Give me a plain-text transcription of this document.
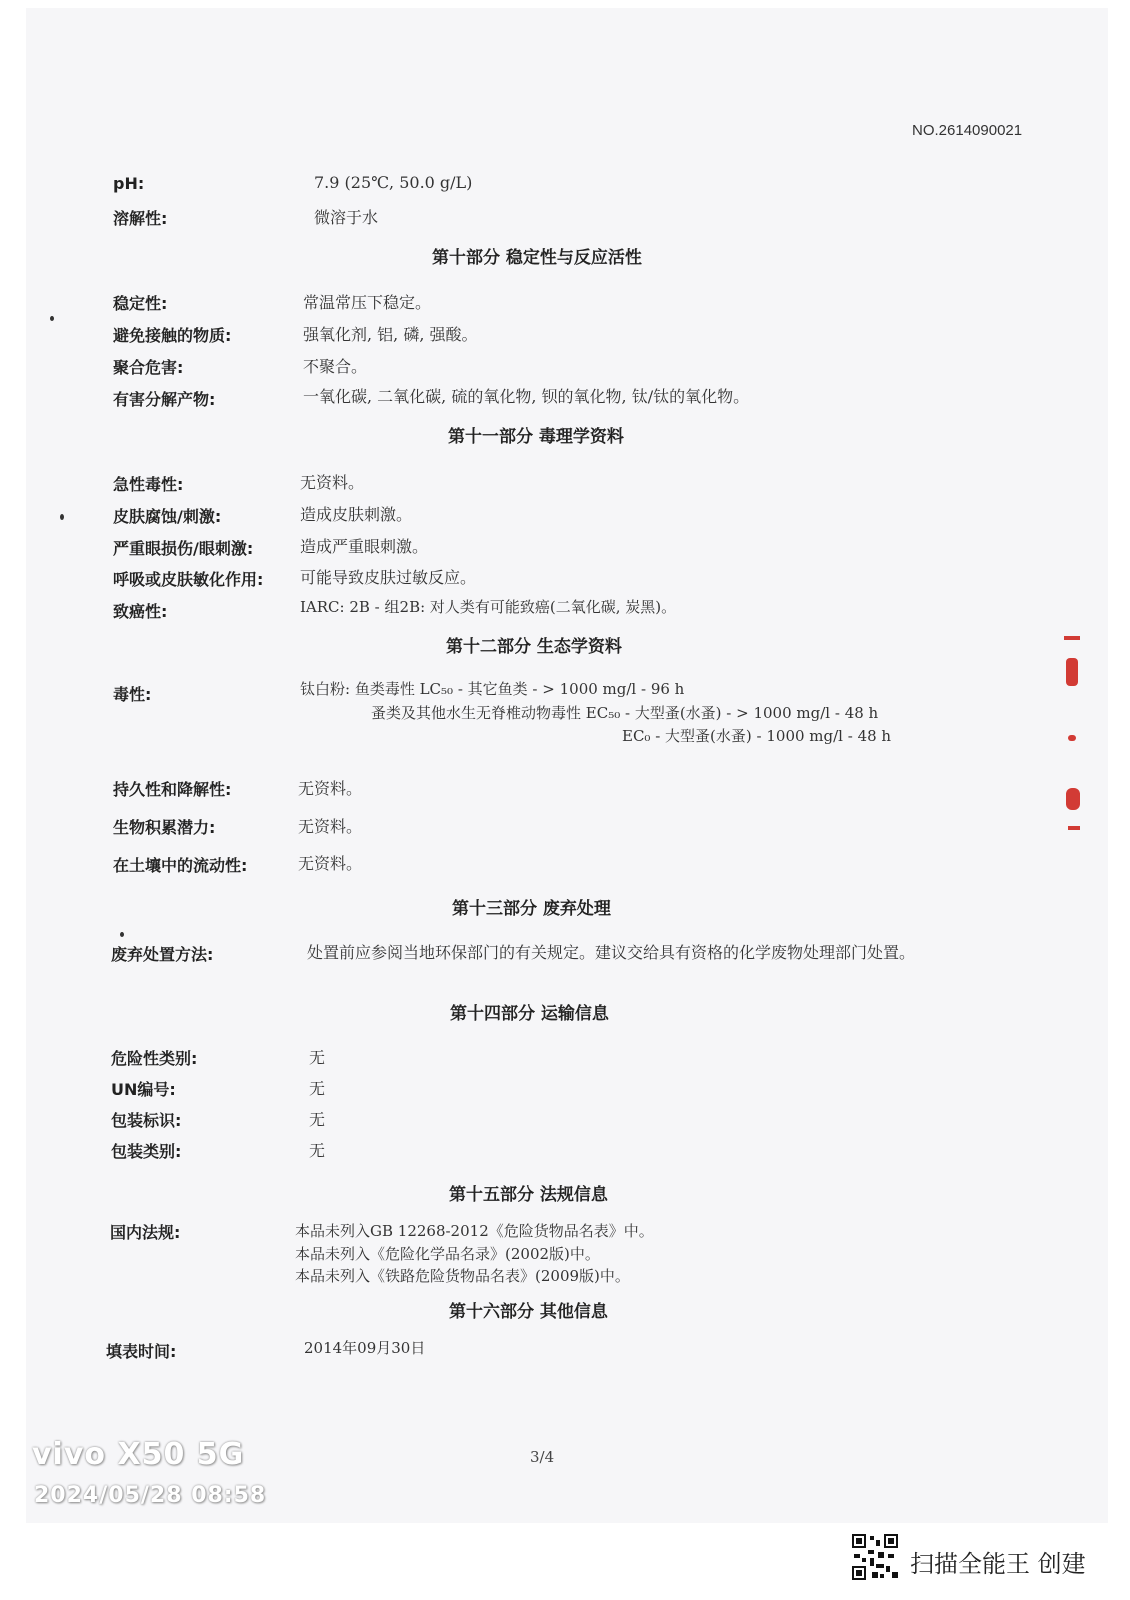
NO.2614090021
pH:	7.9 (25℃, 50.0 g/L)
溶解性:	微溶于水
第十部分 稳定性与反应活性
稳定性:	常温常压下稳定。
避免接触的物质:	强氧化剂, 铝, 磷, 强酸。
聚合危害:	不聚合。
有害分解产物:	一氧化碳, 二氧化碳, 硫的氧化物, 钡的氧化物, 钛/钛的氧化物。
第十一部分 毒理学资料
急性毒性:	无资料。
皮肤腐蚀/刺激:	造成皮肤刺激。
严重眼损伤/眼刺激:	造成严重眼刺激。
呼吸或皮肤敏化作用: 可能导致皮肤过敏反应。
致癌性:	IARC: 2B - 组2B: 对人类有可能致癌(二氧化碳, 炭黑)。
第十二部分 生态学资料
毒性:	钛白粉: 鱼类毒性 LC₅₀ - 其它鱼类 - > 1000 mg/l - 96 h
蚤类及其他水生无脊椎动物毒性 EC₅₀ - 大型蚤(水蚤) - > 1000 mg/l - 48 h
EC₀ - 大型蚤(水蚤) - 1000 mg/l - 48 h
持久性和降解性:	无资料。
生物积累潜力:	无资料。
在土壤中的流动性:	无资料。
第十三部分 废弃处理
废弃处置方法:	处置前应参阅当地环保部门的有关规定。建议交给具有资格的化学废物处理部门处置。
第十四部分 运输信息
危险性类别:	无
UN编号:	无
包装标识:	无
包装类别:	无
第十五部分 法规信息
国内法规:	本品未列入GB 12268-2012《危险货物品名表》中。
本品未列入《危险化学品名录》(2002版)中。
本品未列入《铁路危险货物品名表》(2009版)中。
第十六部分 其他信息
填表时间:	2014年09月30日
3/4
vivo X50 5G
2024/05/28 08:58
扫描全能王 创建
